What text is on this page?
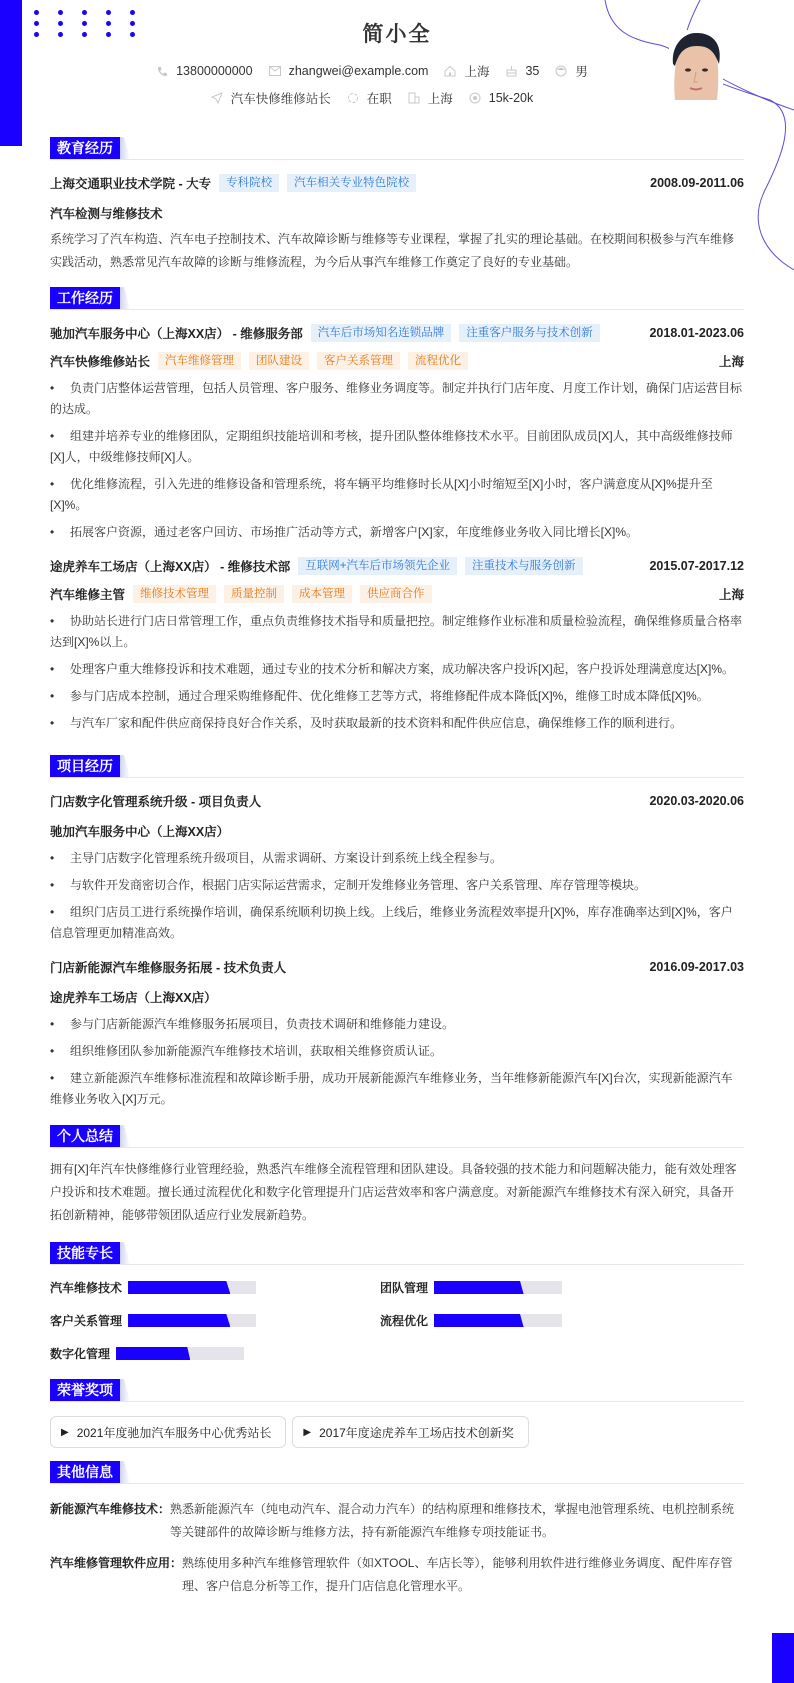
简小全
13800000000	zhangwei@example.com	上海	35	男
汽车快修维修站长	在职	上海	15k-20k
教育经历
上海交通职业技术学院 - 大专	专科院校	汽车相关专业特色院校	2008.09-2011.06
汽车检测与维修技术
系统学习了汽车构造、汽车电子控制技术、汽车故障诊断与维修等专业课程，掌握了扎实的理论基础。在校期间积极参与汽车维修实践活动，熟悉常见汽车故障的诊断与维修流程，为今后从事汽车维修工作奠定了良好的专业基础。
工作经历
驰加汽车服务中心（上海XX店） - 维修服务部	汽车后市场知名连锁品牌	注重客户服务与技术创新	2018.01-2023.06
汽车快修维修站长	汽车维修管理	团队建设	客户关系管理	流程优化	上海
• 负责门店整体运营管理，包括人员管理、客户服务、维修业务调度等。制定并执行门店年度、月度工作计划，确保门店运营目标的达成。
• 组建并培养专业的维修团队，定期组织技能培训和考核，提升团队整体维修技术水平。目前团队成员[X]人，其中高级维修技师[X]人，中级维修技师[X]人。
• 优化维修流程，引入先进的维修设备和管理系统，将车辆平均维修时长从[X]小时缩短至[X]小时，客户满意度从[X]%提升至[X]%。
• 拓展客户资源，通过老客户回访、市场推广活动等方式，新增客户[X]家，年度维修业务收入同比增长[X]%。
途虎养车工场店（上海XX店） - 维修技术部	互联网+汽车后市场领先企业	注重技术与服务创新	2015.07-2017.12
汽车维修主管	维修技术管理	质量控制	成本管理	供应商合作	上海
• 协助站长进行门店日常管理工作，重点负责维修技术指导和质量把控。制定维修作业标准和质量检验流程，确保维修质量合格率达到[X]%以上。
• 处理客户重大维修投诉和技术难题，通过专业的技术分析和解决方案，成功解决客户投诉[X]起，客户投诉处理满意度达[X]%。
• 参与门店成本控制，通过合理采购维修配件、优化维修工艺等方式，将维修配件成本降低[X]%，维修工时成本降低[X]%。
• 与汽车厂家和配件供应商保持良好合作关系，及时获取最新的技术资料和配件供应信息，确保维修工作的顺利进行。
项目经历
门店数字化管理系统升级 - 项目负责人	2020.03-2020.06
驰加汽车服务中心（上海XX店）
• 主导门店数字化管理系统升级项目，从需求调研、方案设计到系统上线全程参与。
• 与软件开发商密切合作，根据门店实际运营需求，定制开发维修业务管理、客户关系管理、库存管理等模块。
• 组织门店员工进行系统操作培训，确保系统顺利切换上线。上线后，维修业务流程效率提升[X]%，库存准确率达到[X]%，客户信息管理更加精准高效。
门店新能源汽车维修服务拓展 - 技术负责人	2016.09-2017.03
途虎养车工场店（上海XX店）
• 参与门店新能源汽车维修服务拓展项目，负责技术调研和维修能力建设。
• 组织维修团队参加新能源汽车维修技术培训，获取相关维修资质认证。
• 建立新能源汽车维修标准流程和故障诊断手册，成功开展新能源汽车维修业务，当年维修新能源汽车[X]台次，实现新能源汽车维修业务收入[X]万元。
个人总结
拥有[X]年汽车快修维修行业管理经验，熟悉汽车维修全流程管理和团队建设。具备较强的技术能力和问题解决能力，能有效处理客户投诉和技术难题。擅长通过流程优化和数字化管理提升门店运营效率和客户满意度。对新能源汽车维修技术有深入研究，具备开拓创新精神，能够带领团队适应行业发展新趋势。
技能专长
汽车维修技术	团队管理
客户关系管理	流程优化
数字化管理
荣誉奖项
▶ 2021年度驰加汽车服务中心优秀站长	▶ 2017年度途虎养车工场店技术创新奖
其他信息
新能源汽车维修技术： 熟悉新能源汽车（纯电动汽车、混合动力汽车）的结构原理和维修技术，掌握电池管理系统、电机控制系统等关键部件的故障诊断与维修方法，持有新能源汽车维修专项技能证书。
汽车维修管理软件应用： 熟练使用多种汽车维修管理软件（如XTOOL、车店长等），能够利用软件进行维修业务调度、配件库存管理、客户信息分析等工作，提升门店信息化管理水平。
